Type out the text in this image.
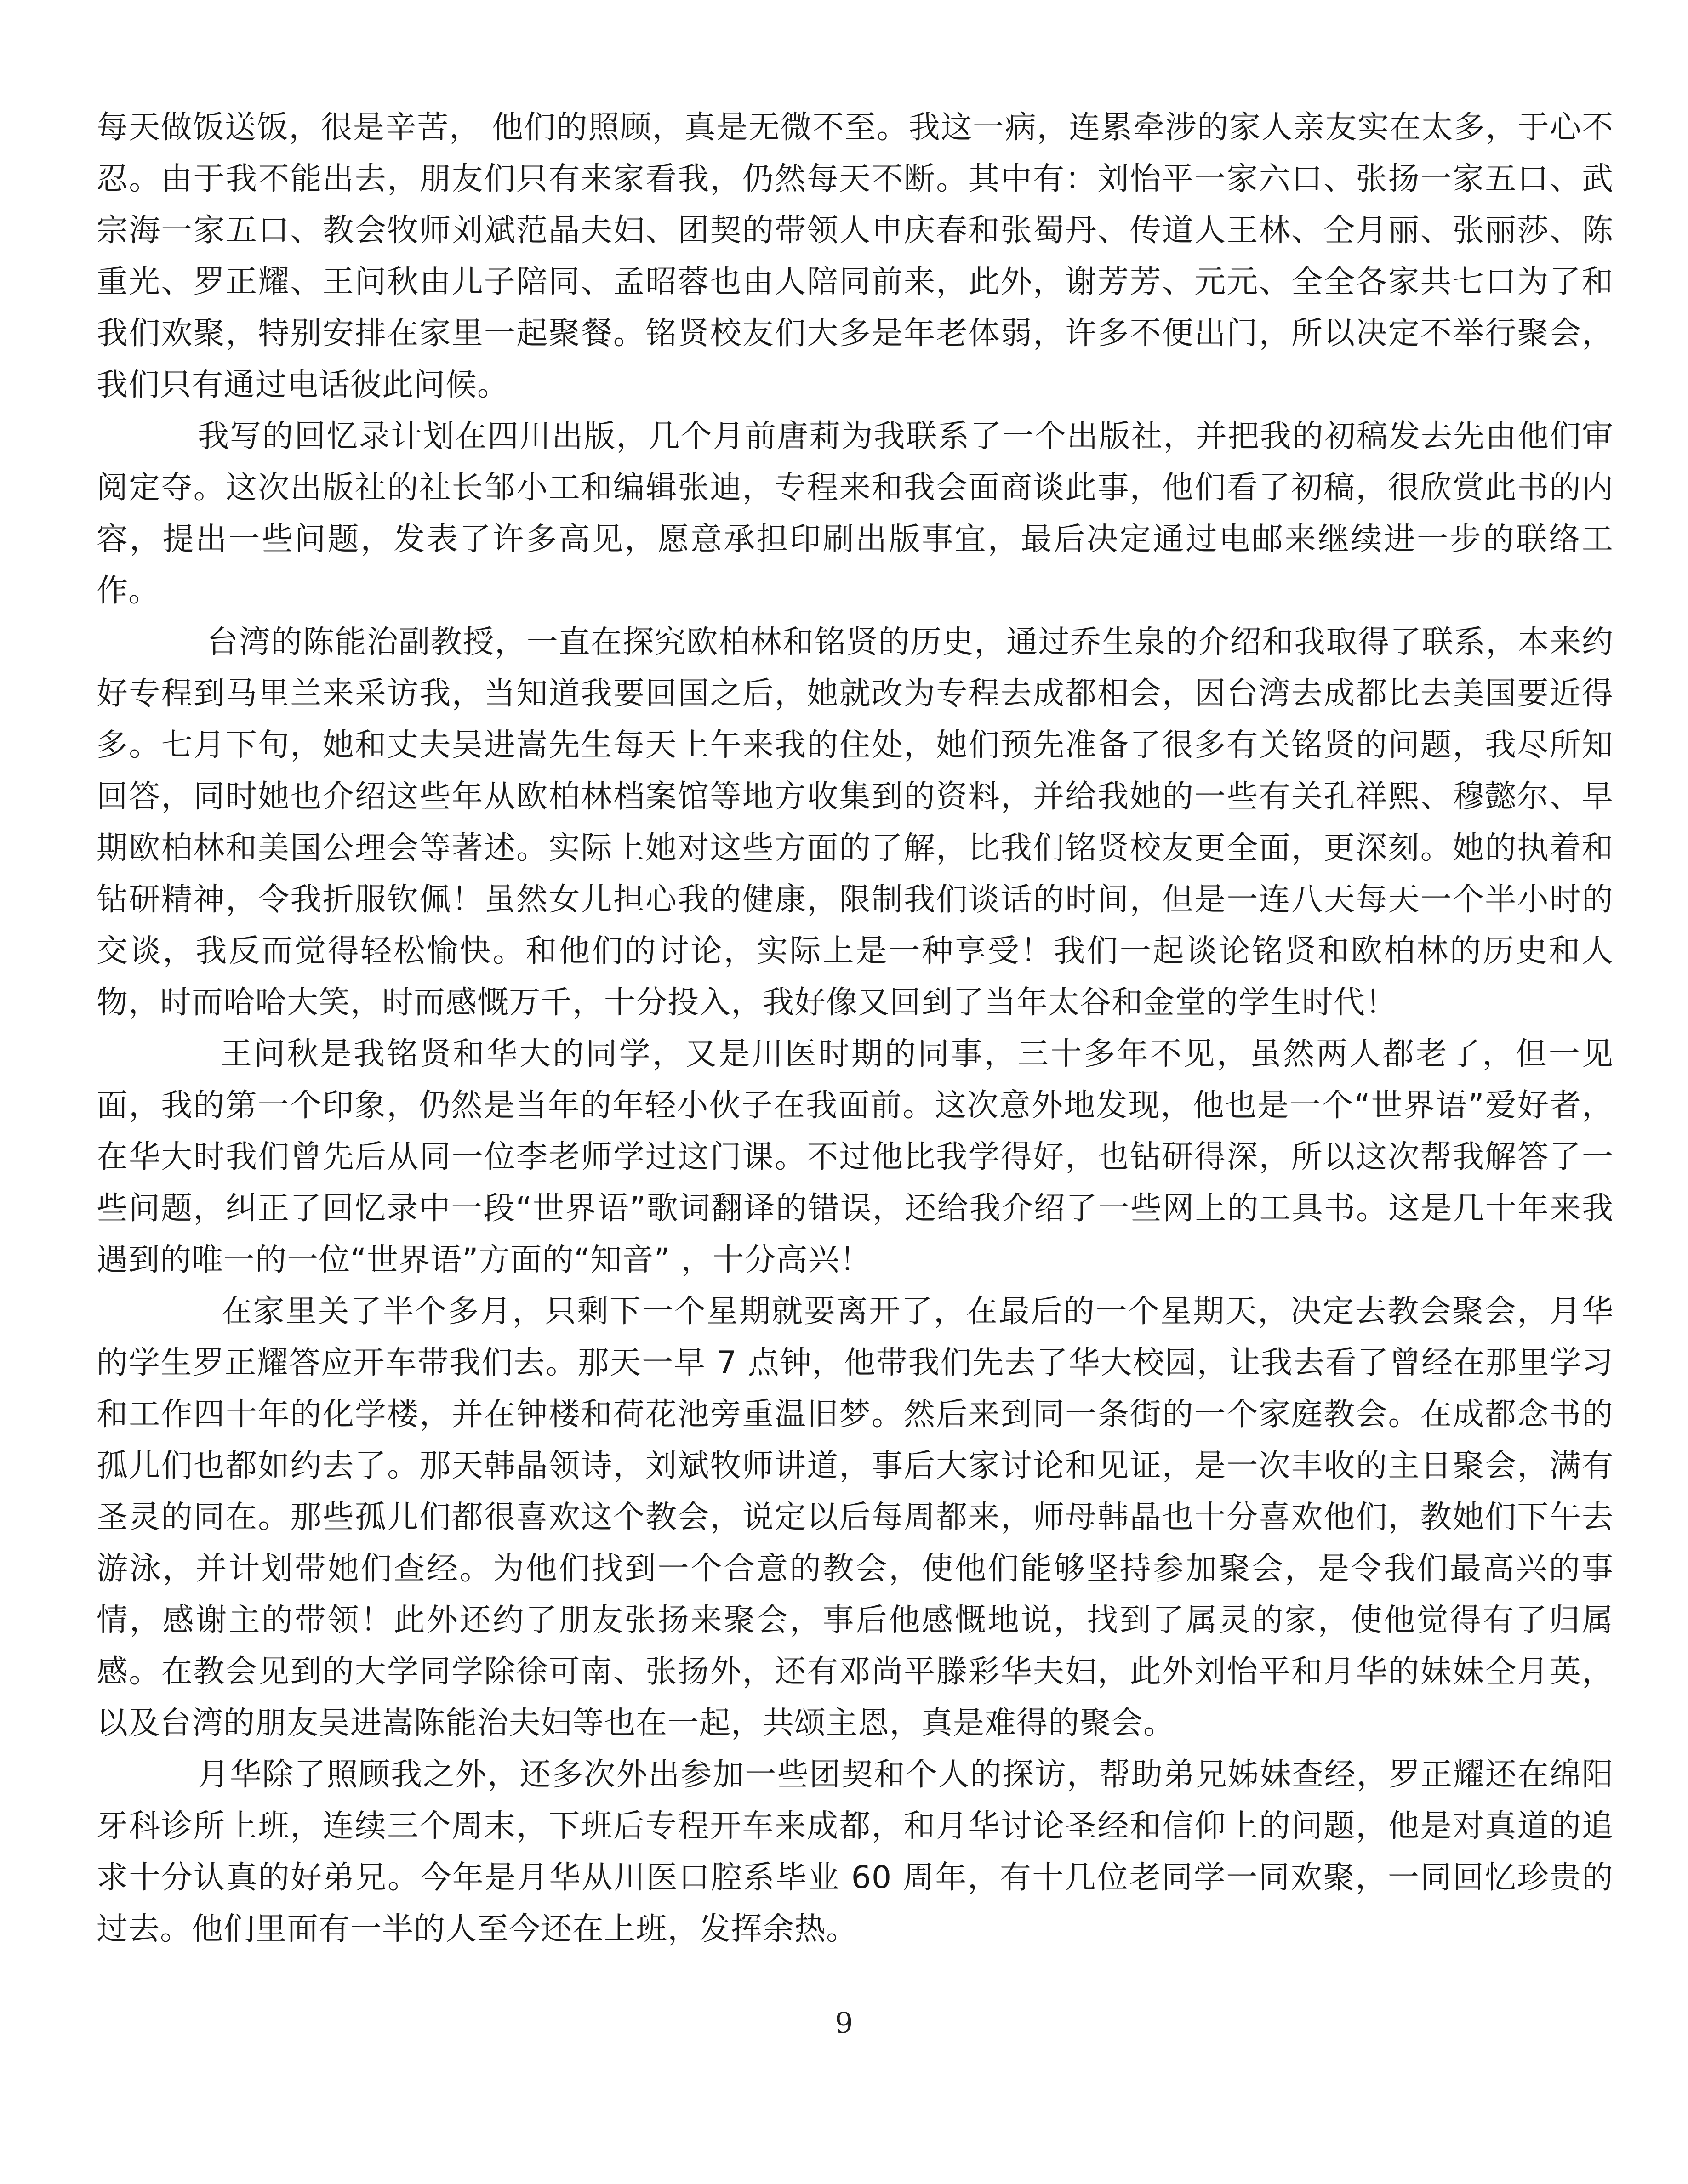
每天做饭送饭，很是辛苦， 他们的照顾，真是无微不至。我这一病，连累牵涉的家人亲友实在太多，于心不忍。由于我不能出去，朋友们只有来家看我，仍然每天不断。其中有：刘怡平一家六口、张扬一家五口、武宗海一家五口、教会牧师刘斌范晶夫妇、团契的带领人申庆春和张蜀丹、传道人王林、仝月丽、张丽莎、陈重光、罗正耀、王问秋由儿子陪同、孟昭蓉也由人陪同前来，此外，谢芳芳、元元、全全各家共七口为了和我们欢聚，特别安排在家里一起聚餐。铭贤校友们大多是年老体弱，许多不便出门，所以决定不举行聚会，我们只有通过电话彼此问候。

我写的回忆录计划在四川出版，几个月前唐莉为我联系了一个出版社，并把我的初稿发去先由他们审阅定夺。这次出版社的社长邹小工和编辑张迪，专程来和我会面商谈此事，他们看了初稿，很欣赏此书的内容，提出一些问题，发表了许多高见，愿意承担印刷出版事宜，最后决定通过电邮来继续进一步的联络工作。

台湾的陈能治副教授，一直在探究欧柏林和铭贤的历史，通过乔生泉的介绍和我取得了联系，本来约好专程到马里兰来采访我，当知道我要回国之后，她就改为专程去成都相会，因台湾去成都比去美国要近得多。七月下旬，她和丈夫吴进嵩先生每天上午来我的住处，她们预先准备了很多有关铭贤的问题，我尽所知回答，同时她也介绍这些年从欧柏林档案馆等地方收集到的资料，并给我她的一些有关孔祥熙、穆懿尔、早期欧柏林和美国公理会等著述。实际上她对这些方面的了解，比我们铭贤校友更全面，更深刻。她的执着和钻研精神，令我折服钦佩！虽然女儿担心我的健康，限制我们谈话的时间，但是一连八天每天一个半小时的交谈，我反而觉得轻松愉快。和他们的讨论，实际上是一种享受！我们一起谈论铭贤和欧柏林的历史和人物，时而哈哈大笑，时而感慨万千，十分投入，我好像又回到了当年太谷和金堂的学生时代！

王问秋是我铭贤和华大的同学，又是川医时期的同事，三十多年不见，虽然两人都老了，但一见面，我的第一个印象，仍然是当年的年轻小伙子在我面前。这次意外地发现，他也是一个“世界语”爱好者，在华大时我们曾先后从同一位李老师学过这门课。不过他比我学得好，也钻研得深，所以这次帮我解答了一些问题，纠正了回忆录中一段“世界语”歌词翻译的错误，还给我介绍了一些网上的工具书。这是几十年来我遇到的唯一的一位“世界语”方面的“知音” ，十分高兴！

在家里关了半个多月，只剩下一个星期就要离开了，在最后的一个星期天，决定去教会聚会，月华的学生罗正耀答应开车带我们去。那天一早 7 点钟，他带我们先去了华大校园，让我去看了曾经在那里学习和工作四十年的化学楼，并在钟楼和荷花池旁重温旧梦。然后来到同一条街的一个家庭教会。在成都念书的孤儿们也都如约去了。那天韩晶领诗，刘斌牧师讲道，事后大家讨论和见证，是一次丰收的主日聚会，满有圣灵的同在。那些孤儿们都很喜欢这个教会，说定以后每周都来，师母韩晶也十分喜欢他们，教她们下午去游泳，并计划带她们查经。为他们找到一个合意的教会，使他们能够坚持参加聚会，是令我们最高兴的事情，感谢主的带领！此外还约了朋友张扬来聚会，事后他感慨地说，找到了属灵的家，使他觉得有了归属感。在教会见到的大学同学除徐可南、张扬外，还有邓尚平滕彩华夫妇，此外刘怡平和月华的妹妹仝月英，以及台湾的朋友吴进嵩陈能治夫妇等也在一起，共颂主恩，真是难得的聚会。

月华除了照顾我之外，还多次外出参加一些团契和个人的探访，帮助弟兄姊妹查经，罗正耀还在绵阳牙科诊所上班，连续三个周末，下班后专程开车来成都，和月华讨论圣经和信仰上的问题，他是对真道的追求十分认真的好弟兄。今年是月华从川医口腔系毕业 60 周年，有十几位老同学一同欢聚，一同回忆珍贵的过去。他们里面有一半的人至今还在上班，发挥余热。

9
